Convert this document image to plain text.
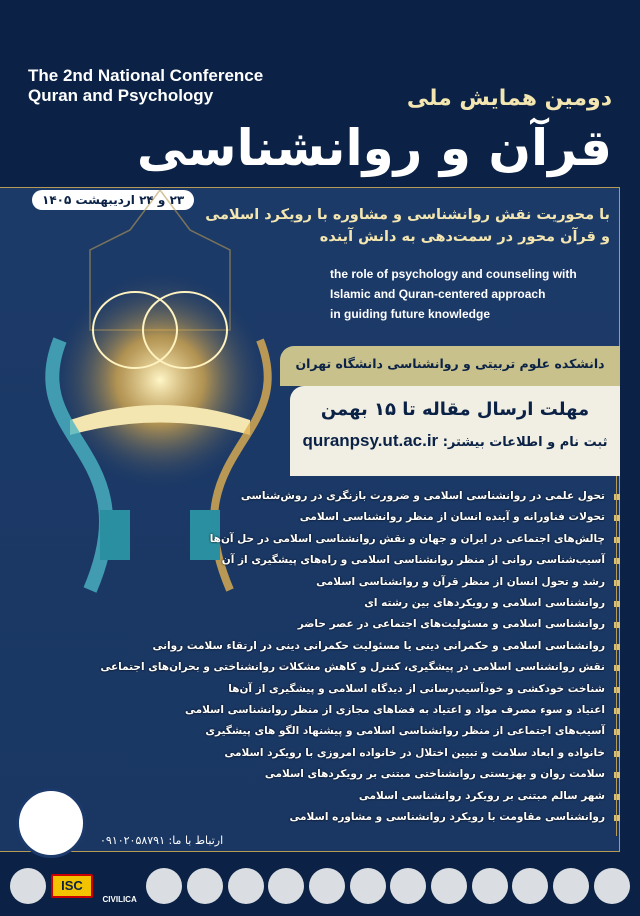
The 2nd National Conference
Quran and Psychology	دومین همایش ملی
قرآن و روانشناسی
۲۳ و ۲۴ اردیبهشت ۱۴۰۵
با محوریت نقش روانشناسی و مشاوره با رویکرد اسلامی
و قرآن محور در سمت‌دهی به دانش آینده
the role of psychology and counseling with
Islamic and Quran-centered approach
in guiding future knowledge
دانشکده علوم تربیتی و روانشناسی دانشگاه تهران
مهلت ارسال مقاله تا ۱۵ بهمن
ثبت نام و اطلاعات بیشتر: quranpsy.ut.ac.ir
تحول علمی در روانشناسی اسلامی و ضرورت بازنگری در روش‌شناسی
تحولات فناورانه و آینده انسان از منظر روانشناسی اسلامی
چالش‌های اجتماعی در ایران و جهان و نقش روانشناسی اسلامی در حل آن‌ها
آسیب‌شناسی روانی از منظر روانشناسی اسلامی و راه‌های پیشگیری از آن
رشد و تحول انسان از منظر قرآن و روانشناسی اسلامی
روانشناسی اسلامی و رویکردهای بین رشته ای
روانشناسی اسلامی و مسئولیت‌های اجتماعی در عصر حاضر
روانشناسی اسلامی و حکمرانی دینی یا مسئولیت حکمرانی دینی در ارتقاء سلامت روانی
نقش روانشناسی اسلامی در پیشگیری، کنترل و کاهش مشکلات روانشناختی و بحران‌های اجتماعی
شناخت خودکشی و خودآسیب‌رسانی از دیدگاه اسلامی و پیشگیری از آن‌ها
اعتیاد و سوء مصرف مواد و اعتیاد به فضاهای مجازی از منظر روانشناسی اسلامی
آسیب‌های اجتماعی از منظر روانشناسی اسلامی و پیشنهاد الگو های پیشگیری
خانواده و ابعاد سلامت و تبیین اختلال در خانواده امروزی با رویکرد اسلامی
سلامت روان و بهزیستی روانشناختی مبتنی بر رویکردهای اسلامی
شهر سالم مبتنی بر رویکرد روانشناسی اسلامی
روانشناسی مقاومت با رویکرد روانشناسی و مشاوره اسلامی
ارتباط با ما: ۰۹۱۰۲۰۵۸۷۹۱
CIVILICA
ISC
